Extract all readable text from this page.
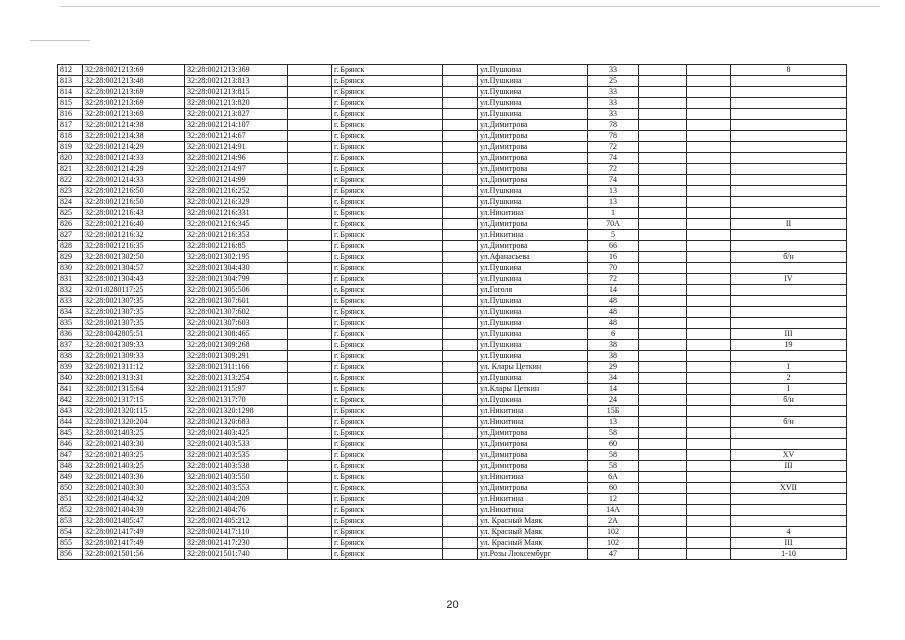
812	32:28:0021213:69	32:28:0021213:369		г. Брянск		ул.Пушкина	33			8
813	32:28:0021213:48	32:28:0021213:813		г. Брянск		ул.Пушкина	25			
814	32:28:0021213:69	32:28:0021213:815		г. Брянск		ул.Пушкина	33			
815	32:28:0021213:69	32:28:0021213:820		г. Брянск		ул.Пушкина	33			
816	32:28:0021213:69	32:28:0021213:827		г. Брянск		ул.Пушкина	33			
817	32:28:0021214:38	32:28:0021214:107		г. Брянск		ул.Димитрова	78			
818	32:28:0021214:38	32:28:0021214:67		г. Брянск		ул.Димитрова	78			
819	32:28:0021214:29	32:28:0021214:91		г. Брянск		ул.Димитрова	72			
820	32:28:0021214:33	32:28:0021214:96		г. Брянск		ул.Димитрова	74			
821	32:28:0021214:29	32:28:0021214:97		г. Брянск		ул.Димитрова	72			
822	32:28:0021214:33	32:28:0021214:99		г. Брянск		ул.Димитрова	74			
823	32:28:0021216:50	32:28:0021216:252		г. Брянск		ул.Пушкина	13			
824	32:28:0021216:50	32:28:0021216:329		г. Брянск		ул.Пушкина	13			
825	32:28:0021216:43	32:28:0021216:331		г. Брянск		ул.Никитина	1			
826	32:28:0021216:40	32:28:0021216:345		г. Брянск		ул.Димитрова	70А			II
827	32:28:0021216:32	32:28:0021216:353		г. Брянск		ул.Никитина	5			
828	32:28:0021216:35	32:28:0021216:85		г. Брянск		ул.Димитрова	66			
829	32:28:0021302:50	32:28:0021302:195		г. Брянск		ул.Афанасьева	16			б/н
830	32:28:0021304:57	32:28:0021304:430		г. Брянск		ул.Пушкина	70			
831	32:28:0021304:43	32:28:0021304:799		г. Брянск		ул.Пушкина	72			IV
832	32:01:0280117:25	32:28:0021305:506		г. Брянск		ул.Гоголя	14			
833	32:28:0021307:35	32:28:0021307:601		г. Брянск		ул.Пушкина	48			
834	32:28:0021307:35	32:28:0021307:602		г. Брянск		ул.Пушкина	48			
835	32:28:0021307:35	32:28:0021307:603		г. Брянск		ул.Пушкина	48			
836	32:28:0042805:51	32:28:0021308:465		г. Брянск		ул.Пушкина	6			III
837	32:28:0021309:33	32:28:0021309:268		г. Брянск		ул.Пушкина	38			19
838	32:28:0021309:33	32:28:0021309:291		г. Брянск		ул.Пушкина	38			
839	32:28:0021311:12	32:28:0021311:166		г. Брянск		ул. Клары Цеткин	29			I
840	32:28:0021313:31	32:28:0021313:254		г. Брянск		ул.Пушкина	34			2
841	32:28:0021315:64	32:28:0021315:97		г. Брянск		ул.Клары Цеткин	14			I
842	32:28:0021317:15	32:28:0021317:70		г. Брянск		ул.Пушкина	24			б/н
843	32:28:0021320:115	32:28:0021320:1298		г. Брянск		ул.Никитина	15Б			
844	32:28:0021320:204	32:28:0021320:683		г. Брянск		ул.Никитина	13			б/н
845	32:28:0021403:25	32:28:0021403:425		г. Брянск		ул.Димитрова	58			
846	32:28:0021403:30	32:28:0021403:533		г. Брянск		ул.Димитрова	60			
847	32:28:0021403:25	32:28:0021403:535		г. Брянск		ул.Димитрова	58			XV
848	32:28:0021403:25	32:28:0021403:538		г. Брянск		ул.Димитрова	58			III
849	32:28:0021403:36	32:28:0021403:550		г. Брянск		ул.Никитина	6А			
850	32:28:0021403:30	32:28:0021403:553		г. Брянск		ул.Димитрова	60			XVII
851	32:28:0021404:32	32:28:0021404:209		г. Брянск		ул.Никитина	12			
852	32:28:0021404:39	32:28:0021404:76		г. Брянск		ул.Никитина	14А			
853	32:28:0021405:47	32:28:0021405:212		г. Брянск		ул. Красный Маяк	2А			
854	32:28:0021417:49	32:28:0021417:110		г. Брянск		ул. Красный Маяк	102			4
855	32:28:0021417:49	32:28:0021417:230		г. Брянск		ул. Красный Маяк	102			III
856	32:28:0021501:56	32:28:0021501:740		г. Брянск		ул.Розы Люксембург	47			1-10
20
